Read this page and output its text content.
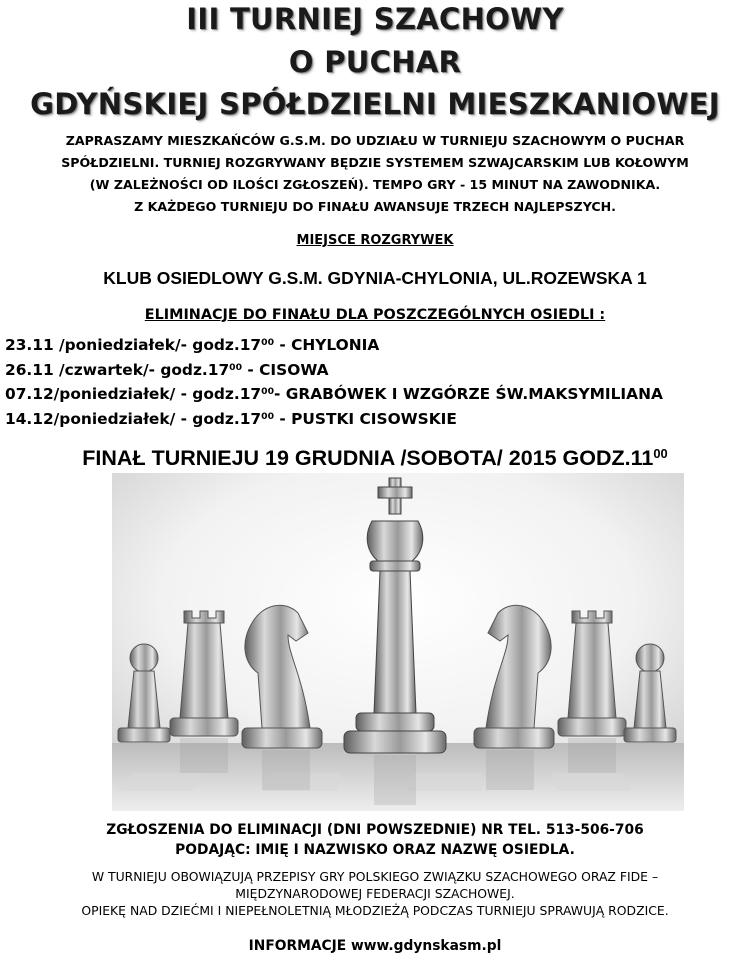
III TURNIEJ SZACHOWY
O PUCHAR
GDYŃSKIEJ SPÓŁDZIELNI MIESZKANIOWEJ
ZAPRASZAMY MIESZKAŃCÓW G.S.M. DO UDZIAŁU W TURNIEJU SZACHOWYM O PUCHAR
SPÓŁDZIELNI. TURNIEJ ROZGRYWANY BĘDZIE SYSTEMEM SZWAJCARSKIM LUB KOŁOWYM
(W ZALEŻNOŚCI OD ILOŚCI ZGŁOSZEŃ). TEMPO GRY - 15 MINUT NA ZAWODNIKA.
Z KAŻDEGO TURNIEJU DO FINAŁU AWANSUJE TRZECH NAJLEPSZYCH.
MIEJSCE ROZGRYWEK
KLUB OSIEDLOWY G.S.M. GDYNIA-CHYLONIA, UL.ROZEWSKA 1
ELIMINACJE DO FINAŁU DLA POSZCZEGÓLNYCH OSIEDLI :
23.11 /poniedziałek/- $godz.17^{00}$ - CHYLONIA
26.11 /czwartek/- $godz.17^{00}$ - CISOWA
07.12/poniedziałek/ - $godz.17^{00}-$ GRABÓWEK I WZGÓRZE ŚW.MAKSYMILIANA
14.12/poniedziałek/ - $godz.17^{00}$ - PUSTKI CISOWSKIE
FINAŁ TURNIEJU 19 GRUDNIA /SOBOTA/ 2015 $GODZ.11^{00}$
ZGŁOSZENIA DO ELIMINACJI (DNI POWSZEDNIE) NR TEL. 513-506-706
PODAJĄC: IMIĘ I NAZWISKO ORAZ NAZWĘ OSIEDLA.
W TURNIEJU OBOWIĄZUJĄ PRZEPISY GRY POLSKIEGO ZWIĄZKU SZACHOWEGO ORAZ FIDE –
MIĘDZYNARODOWEJ FEDERACJI SZACHOWEJ.
OPIEKĘ NAD DZIEĆMI I NIEPEŁNOLETNIĄ MŁODZIEŻĄ PODCZAS TURNIEJU SPRAWUJĄ RODZICE.
INFORMACJE www.gdynskasm.pl
